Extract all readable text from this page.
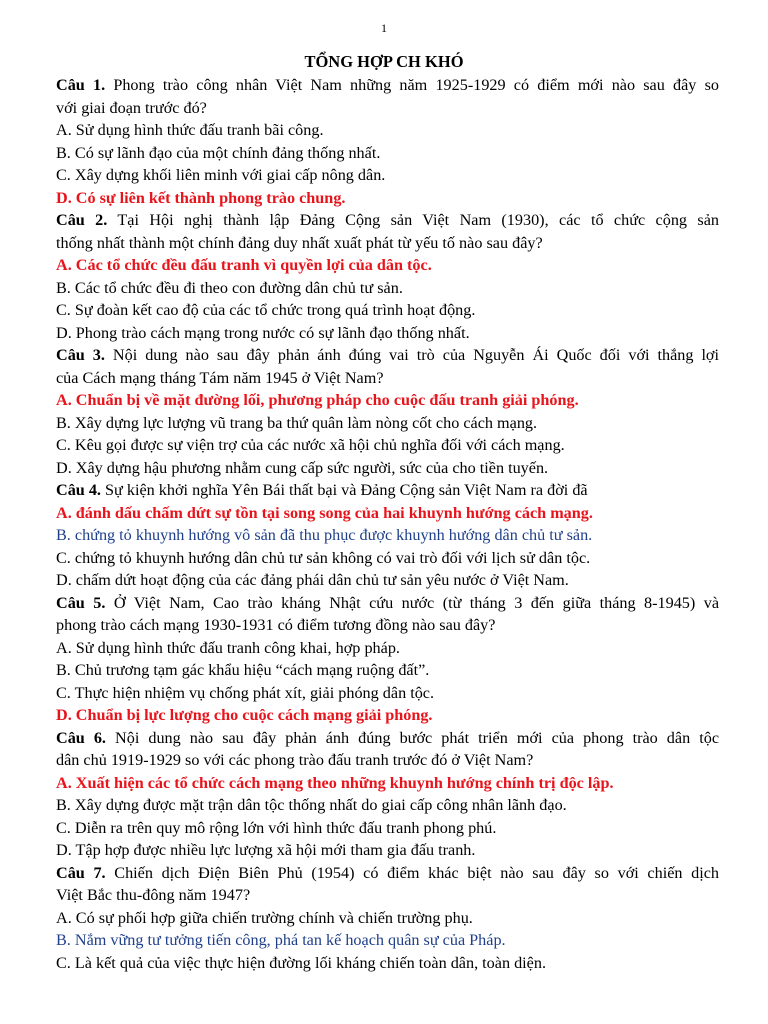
1
TỔNG HỢP CH KHÓ
Câu 1. Phong trào công nhân Việt Nam những năm 1925-1929 có điểm mới nào sau đây so
với giai đoạn trước đó?
A. Sử dụng hình thức đấu tranh bãi công.
B. Có sự lãnh đạo của một chính đảng thống nhất.
C. Xây dựng khối liên minh với giai cấp nông dân.
D. Có sự liên kết thành phong trào chung.
Câu 2. Tại Hội nghị thành lập Đảng Cộng sản Việt Nam (1930), các tổ chức cộng sản
thống nhất thành một chính đảng duy nhất xuất phát từ yếu tố nào sau đây?
A. Các tổ chức đều đấu tranh vì quyền lợi của dân tộc.
B. Các tổ chức đều đi theo con đường dân chủ tư sản.
C. Sự đoàn kết cao độ của các tổ chức trong quá trình hoạt động.
D. Phong trào cách mạng trong nước có sự lãnh đạo thống nhất.
Câu 3. Nội dung nào sau đây phản ánh đúng vai trò của Nguyễn Ái Quốc đối với thắng lợi
của Cách mạng tháng Tám năm 1945 ở Việt Nam?
A. Chuẩn bị về mặt đường lối, phương pháp cho cuộc đấu tranh giải phóng.
B. Xây dựng lực lượng vũ trang ba thứ quân làm nòng cốt cho cách mạng.
C. Kêu gọi được sự viện trợ của các nước xã hội chủ nghĩa đối với cách mạng.
D. Xây dựng hậu phương nhằm cung cấp sức người, sức của cho tiền tuyến.
Câu 4. Sự kiện khởi nghĩa Yên Bái thất bại và Đảng Cộng sản Việt Nam ra đời đã
A. đánh dấu chấm dứt sự tồn tại song song của hai khuynh hướng cách mạng.
B. chứng tỏ khuynh hướng vô sản đã thu phục được khuynh hướng dân chủ tư sản.
C. chứng tỏ khuynh hướng dân chủ tư sản không có vai trò đối với lịch sử dân tộc.
D. chấm dứt hoạt động của các đảng phái dân chủ tư sản yêu nước ở Việt Nam.
Câu 5. Ở Việt Nam, Cao trào kháng Nhật cứu nước (từ tháng 3 đến giữa tháng 8-1945) và
phong trào cách mạng 1930-1931 có điểm tương đồng nào sau đây?
A. Sử dụng hình thức đấu tranh công khai, hợp pháp.
B. Chủ trương tạm gác khẩu hiệu “cách mạng ruộng đất”.
C. Thực hiện nhiệm vụ chống phát xít, giải phóng dân tộc.
D. Chuẩn bị lực lượng cho cuộc cách mạng giải phóng.
Câu 6. Nội dung nào sau đây phản ánh đúng bước phát triển mới của phong trào dân tộc
dân chủ 1919-1929 so với các phong trào đấu tranh trước đó ở Việt Nam?
A. Xuất hiện các tổ chức cách mạng theo những khuynh hướng chính trị độc lập.
B. Xây dựng được mặt trận dân tộc thống nhất do giai cấp công nhân lãnh đạo.
C. Diễn ra trên quy mô rộng lớn với hình thức đấu tranh phong phú.
D. Tập hợp được nhiều lực lượng xã hội mới tham gia đấu tranh.
Câu 7. Chiến dịch Điện Biên Phủ (1954) có điểm khác biệt nào sau đây so với chiến dịch
Việt Bắc thu-đông năm 1947?
A. Có sự phối hợp giữa chiến trường chính và chiến trường phụ.
B. Nắm vững tư tưởng tiến công, phá tan kế hoạch quân sự của Pháp.
C. Là kết quả của việc thực hiện đường lối kháng chiến toàn dân, toàn diện.
